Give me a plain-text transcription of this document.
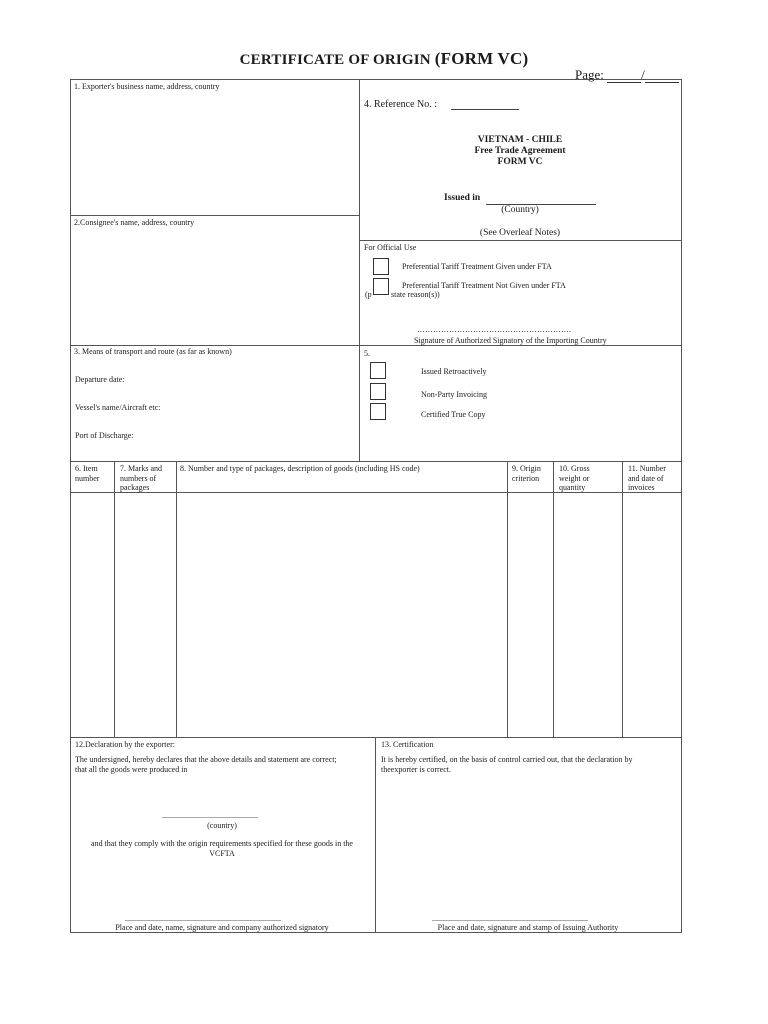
CERTIFICATE OF ORIGIN (FORM VC)
Page:	/
1. Exporter's business name, address, country
2.Consignee's name, address, country
4. Reference No. :
VIETNAM - CHILE
Free Trade Agreement
FORM VC
Issued in
(Country)
(See Overleaf Notes)
For Official Use
Preferential Tariff Treatment Given under FTA
Preferential Tariff Treatment Not Given under FTA
(p state reason(s))
………………………………………………….
Signature of Authorized Signatory of the Importing Country
3. Means of transport and route (as far as known)
Departure date:
Vessel's name/Aircraft etc:
Port of Discharge:
5.
Issued Retroactively
Non-Party Invoicing
Certified True Copy
6. Item
number
7. Marks and
numbers of
packages
8. Number and type of packages, description of goods (including HS code)	9. Origin
criterion
10. Gross
weight or
quantity
11. Number
and date of
invoices
12.Declaration by the exporter:
The undersigned, hereby declares that the above details and statement are correct;
that all the goods were produced in
................................................
(country)
and that they comply with the origin requirements specified for these goods in the
VCFTA
..............................................................................
Place and date, name, signature and company authorized signatory
13. Certification
It is hereby certified, on the basis of control carried out, that the declaration by
theexporter is correct.
..............................................................................
Place and date, signature and stamp of Issuing Authority
